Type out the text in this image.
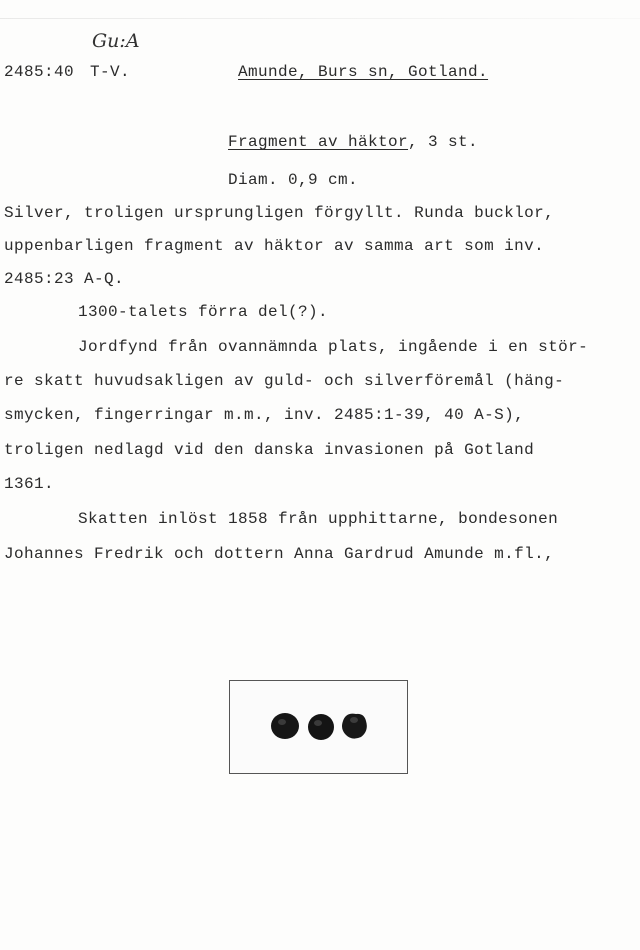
Gu:A
2485:40 T-V.	Amunde, Burs sn, Gotland.
Fragment av häktor, 3 st.
Diam. 0,9 cm.
Silver, troligen ursprungligen förgyllt. Runda bucklor,
uppenbarligen fragment av häktor av samma art som inv.
2485:23 A-Q.
1300-talets förra del(?).
Jordfynd från ovannämnda plats, ingående i en stör-
re skatt huvudsakligen av guld- och silverföremål (häng-
smycken, fingerringar m.m., inv. 2485:1-39, 40 A-S),
troligen nedlagd vid den danska invasionen på Gotland
1361.
Skatten inlöst 1858 från upphittarne, bondesonen
Johannes Fredrik och dottern Anna Gardrud Amunde m.fl.,
